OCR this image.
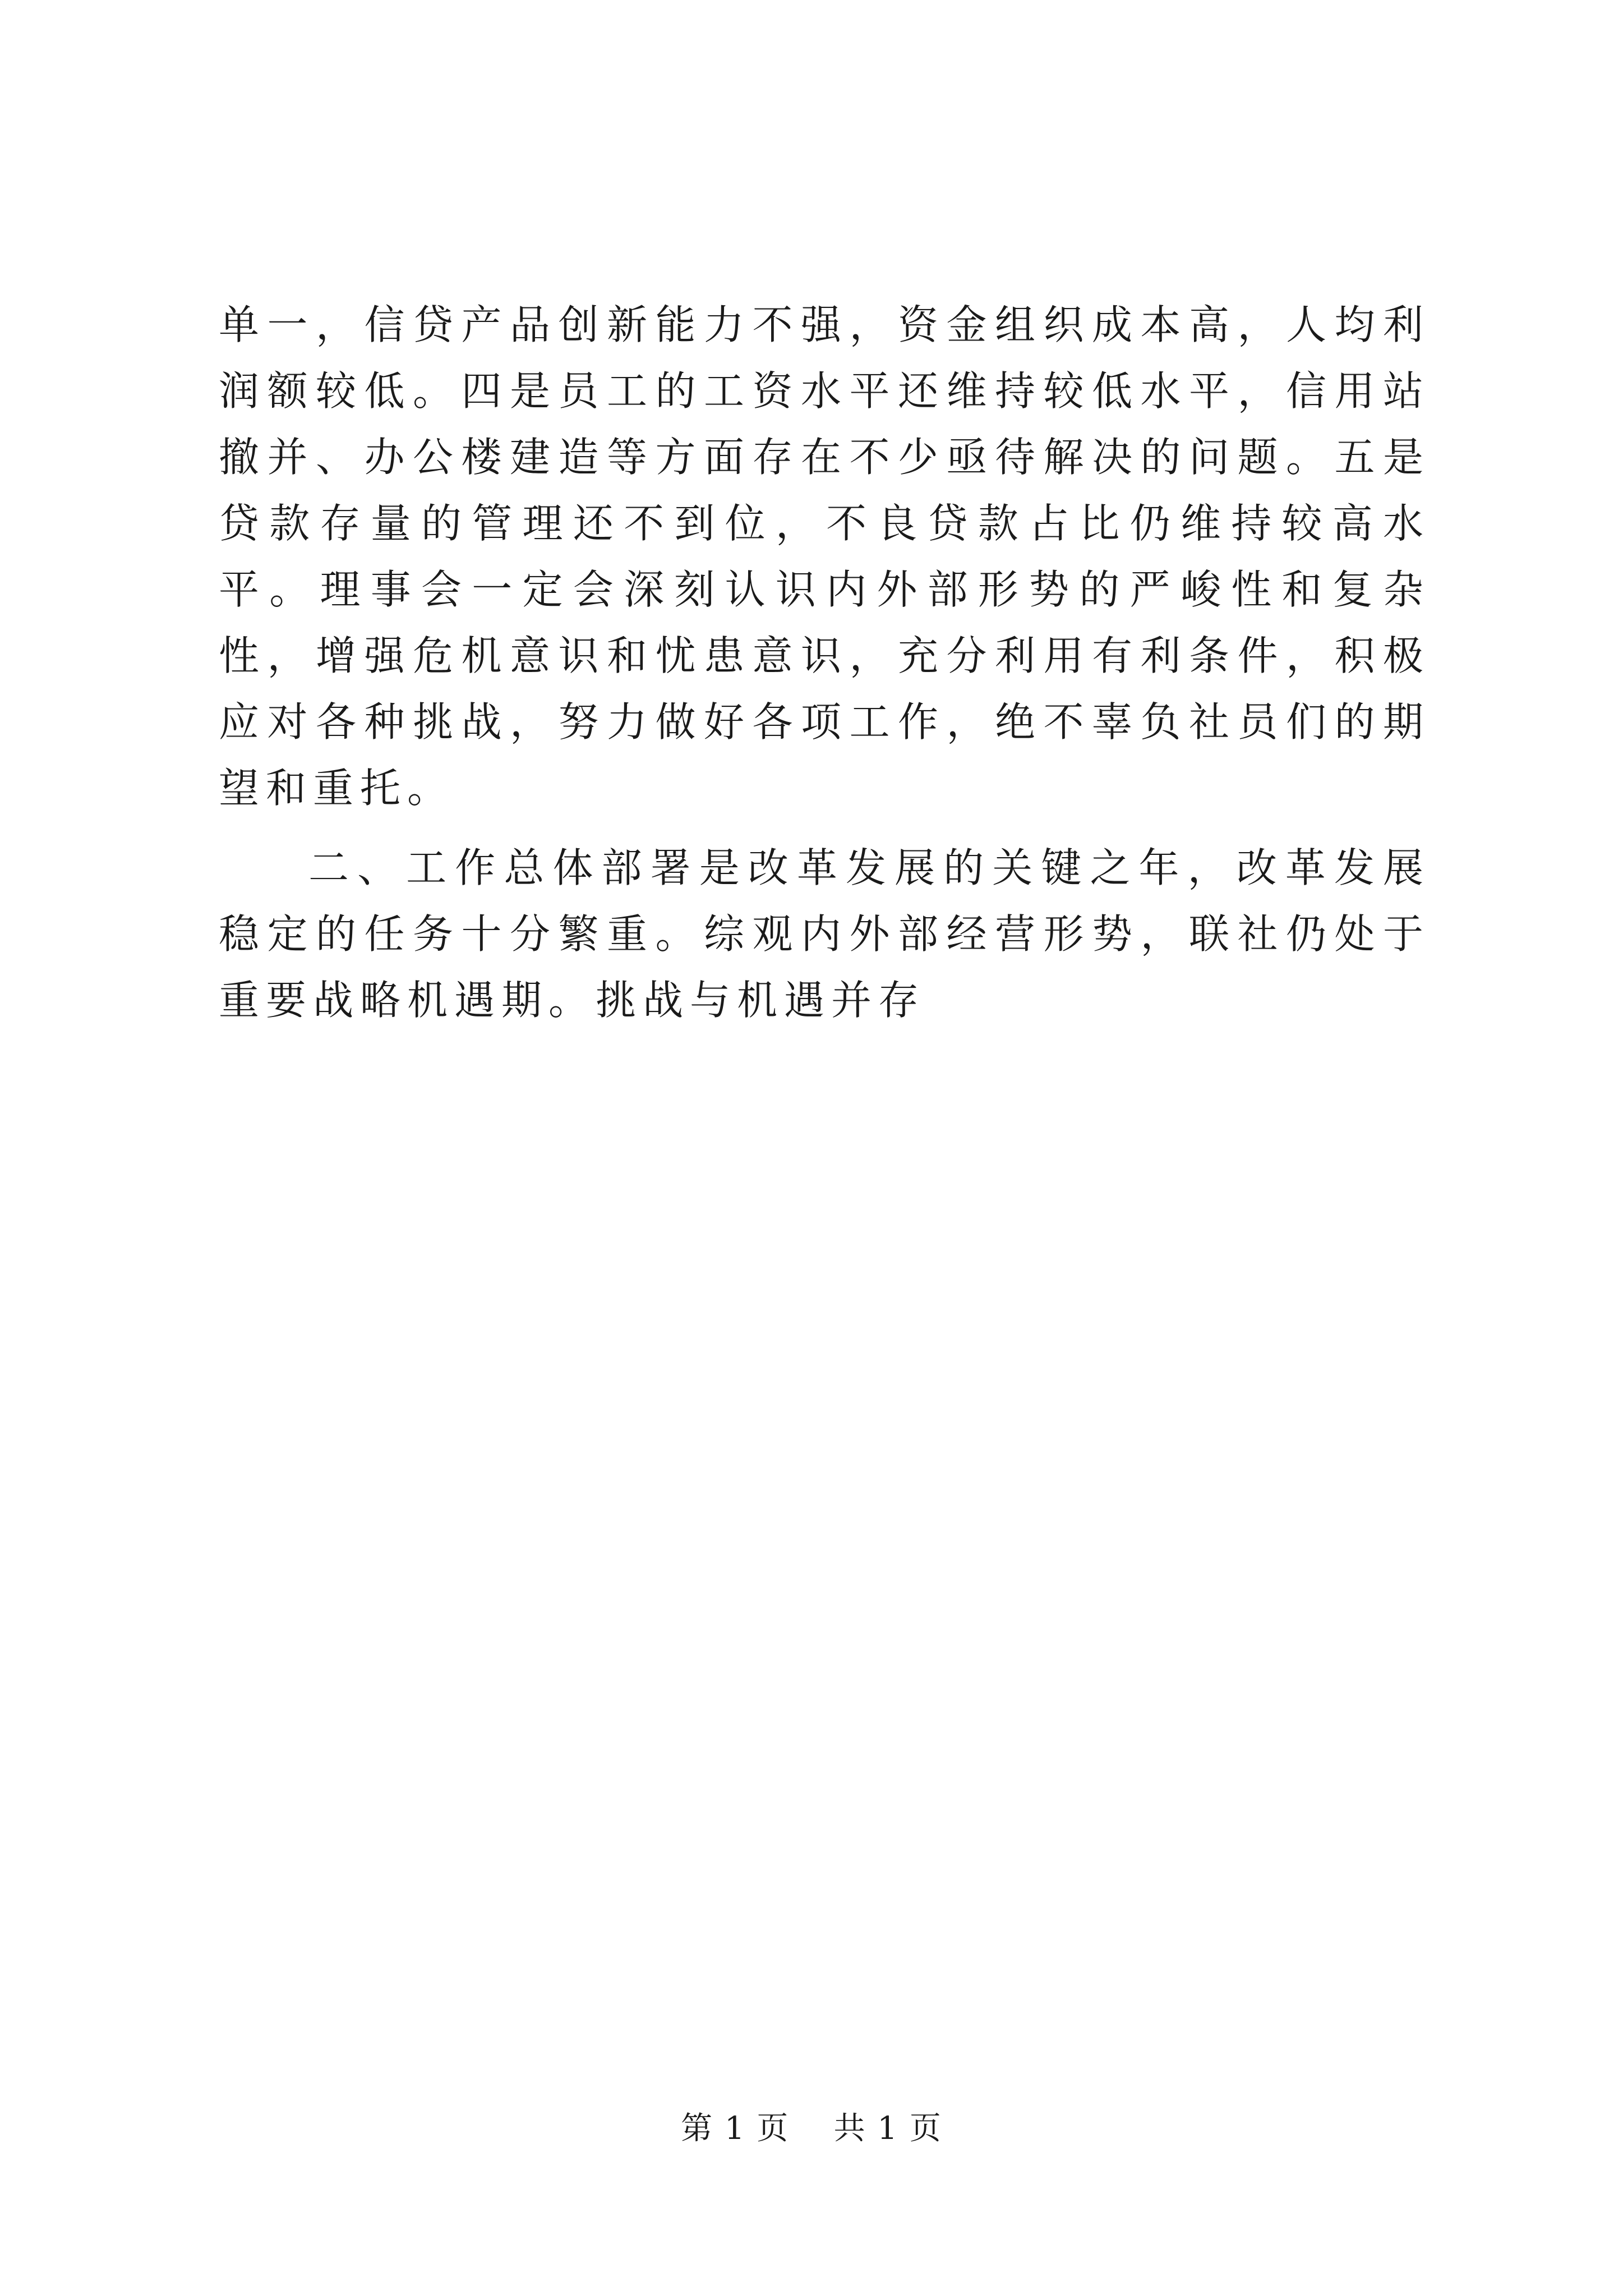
单一，信贷产品创新能力不强，资金组织成本高，人均利润额较低。四是员工的工资水平还维持较低水平，信用站撤并、办公楼建造等方面存在不少亟待解决的问题。五是贷款存量的管理还不到位，不良贷款占比仍维持较高水平。理事会一定会深刻认识内外部形势的严峻性和复杂性，增强危机意识和忧患意识，充分利用有利条件，积极应对各种挑战，努力做好各项工作，绝不辜负社员们的期望和重托。

二、工作总体部署是改革发展的关键之年，改革发展稳定的任务十分繁重。综观内外部经营形势，联社仍处于重要战略机遇期。挑战与机遇并存

第 1 页 共 1 页
